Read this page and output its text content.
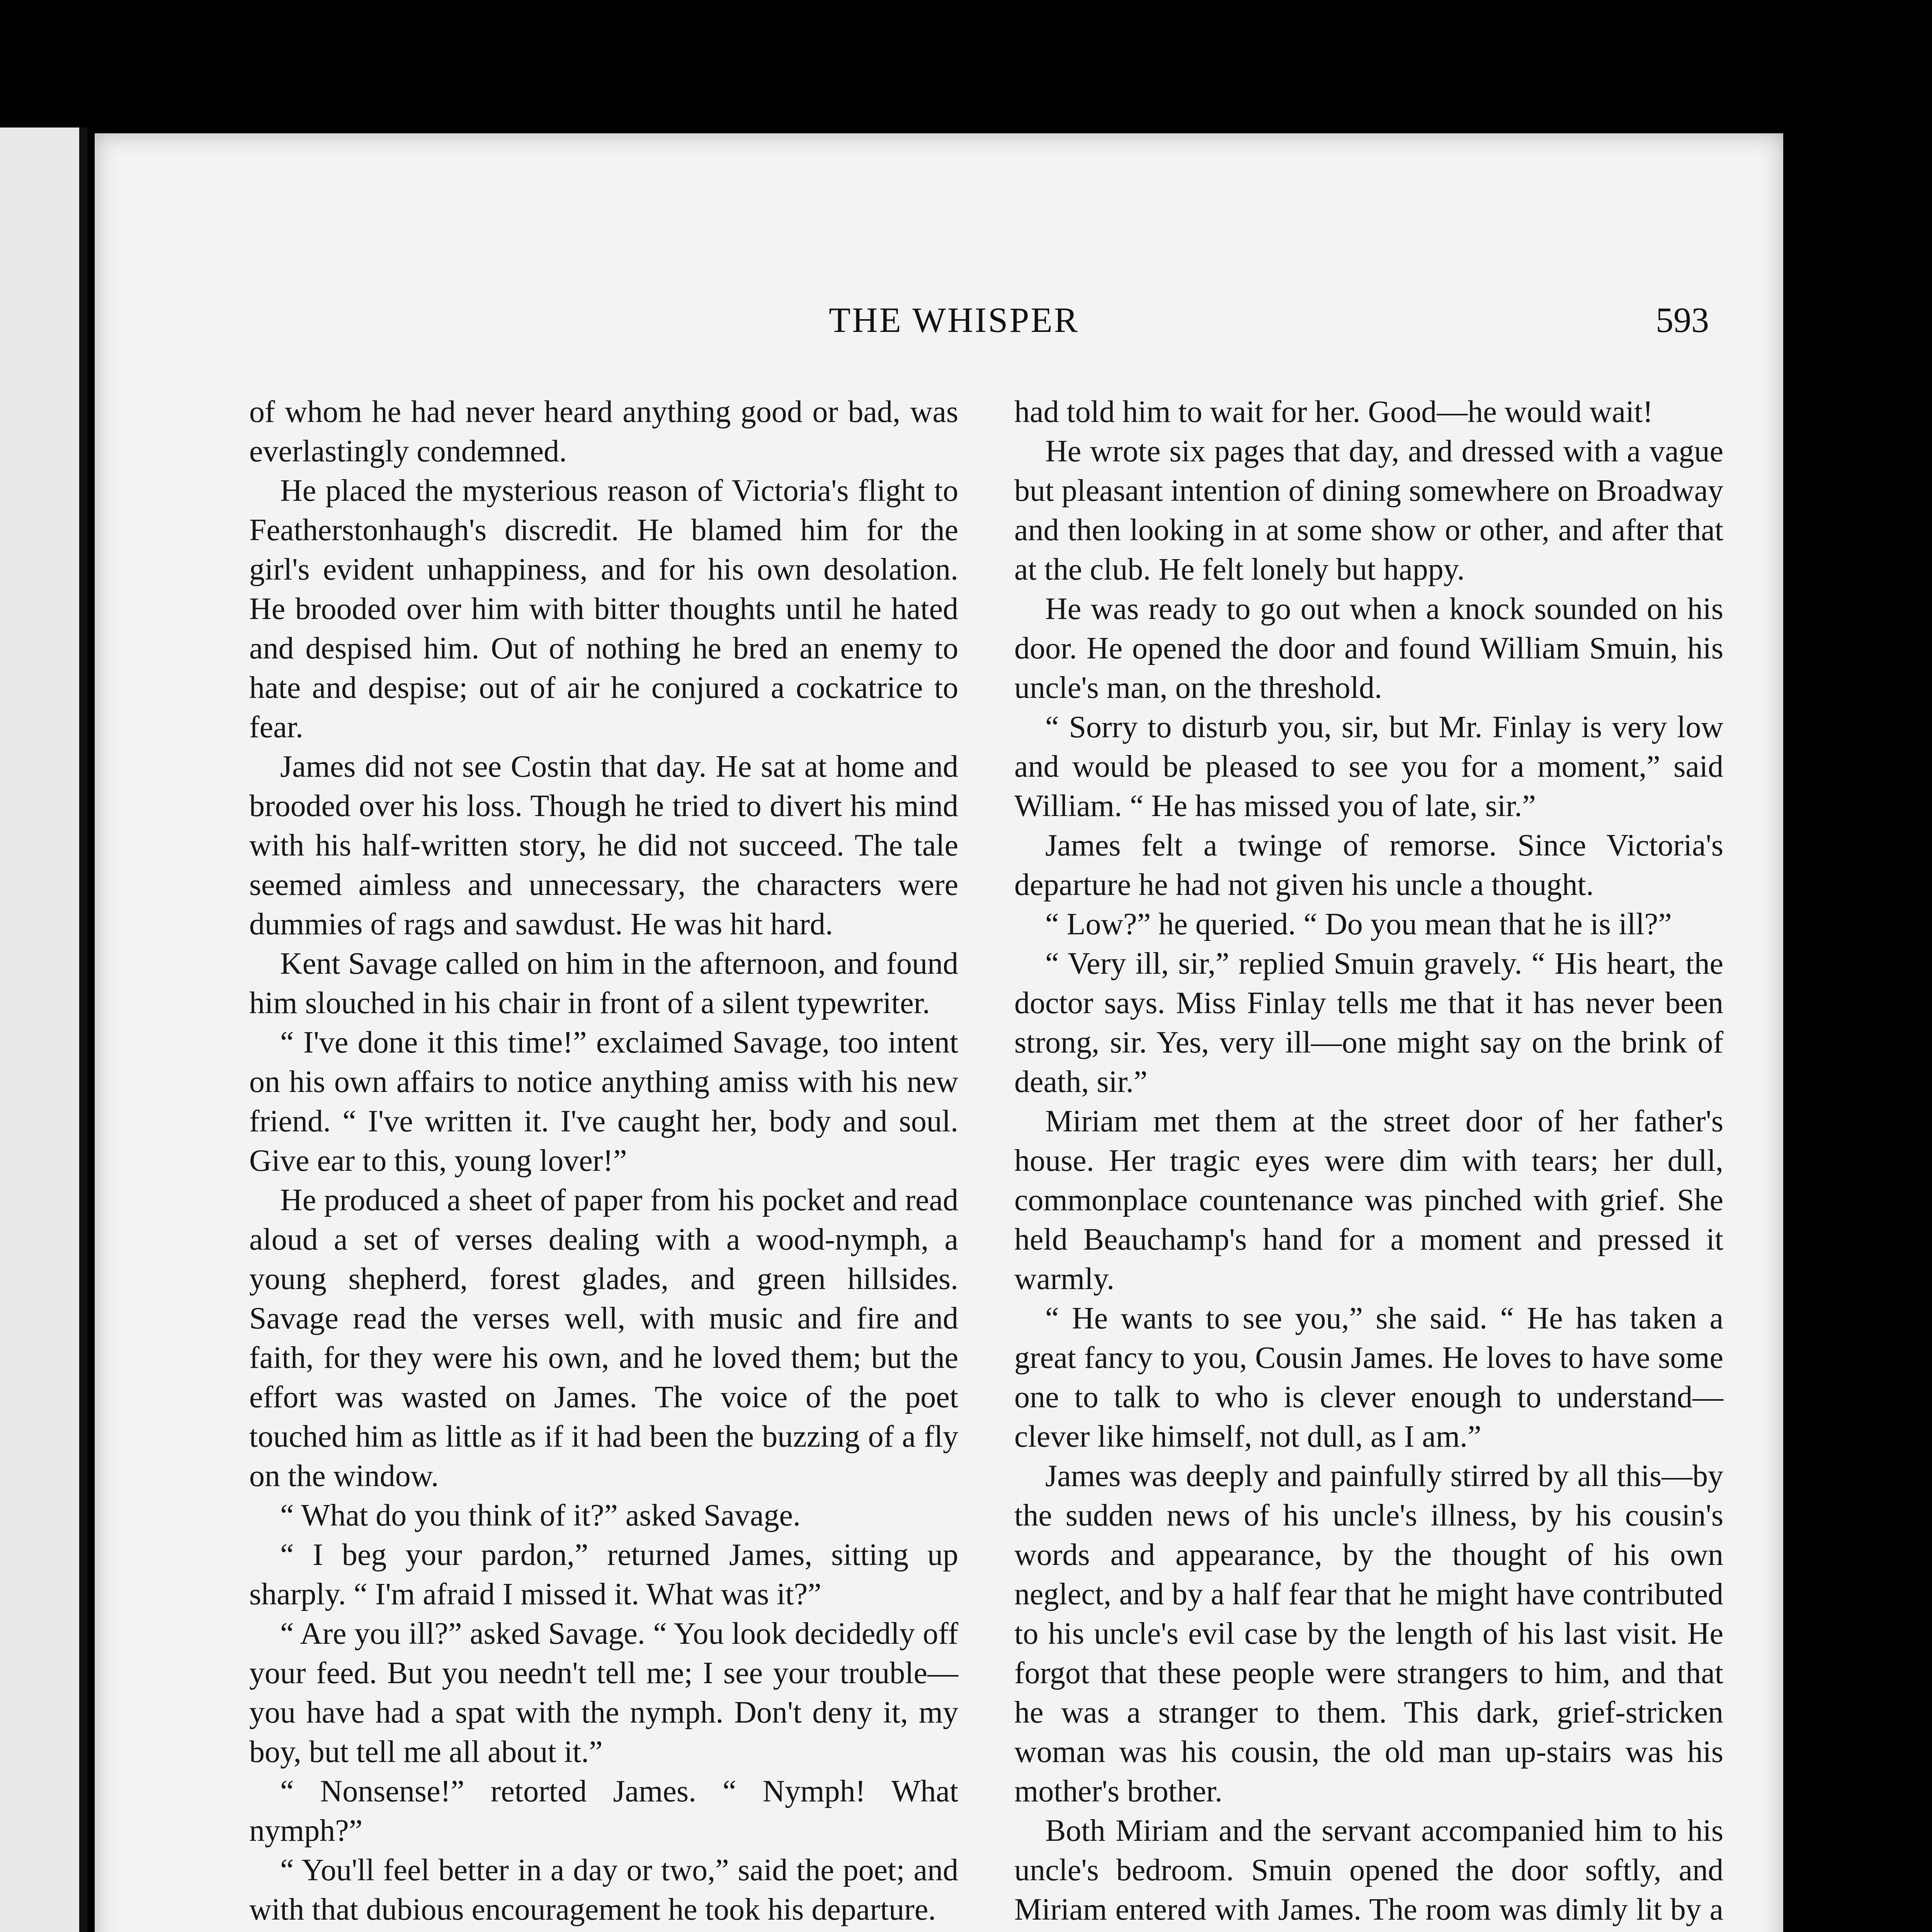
THE WHISPER	593

of whom he had never heard anything good or bad, was everlastingly condemned.

He placed the mysterious reason of Victoria's flight to Featherstonhaugh's discredit. He blamed him for the girl's evident unhappiness, and for his own desolation. He brooded over him with bitter thoughts until he hated and despised him. Out of nothing he bred an enemy to hate and despise; out of air he conjured a cockatrice to fear.

James did not see Costin that day. He sat at home and brooded over his loss. Though he tried to divert his mind with his half-written story, he did not succeed. The tale seemed aimless and unnecessary, the characters were dummies of rags and sawdust. He was hit hard.

Kent Savage called on him in the afternoon, and found him slouched in his chair in front of a silent typewriter.

“ I've done it this time!” exclaimed Savage, too intent on his own affairs to notice anything amiss with his new friend. “ I've written it. I've caught her, body and soul. Give ear to this, young lover!”

He produced a sheet of paper from his pocket and read aloud a set of verses dealing with a wood-nymph, a young shepherd, forest glades, and green hillsides. Savage read the verses well, with music and fire and faith, for they were his own, and he loved them; but the effort was wasted on James. The voice of the poet touched him as little as if it had been the buzzing of a fly on the window.

“ What do you think of it?” asked Savage.

“ I beg your pardon,” returned James, sitting up sharply. “ I'm afraid I missed it. What was it?”

“ Are you ill?” asked Savage. “ You look decidedly off your feed. But you needn't tell me; I see your trouble—you have had a spat with the nymph. Don't deny it, my boy, but tell me all about it.”

“ Nonsense!” retorted James. “ Nymph! What nymph?”

“ You'll feel better in a day or two,” said the poet; and with that dubious encouragement he took his departure.

had told him to wait for her. Good—he would wait!

He wrote six pages that day, and dressed with a vague but pleasant intention of dining somewhere on Broadway and then looking in at some show or other, and after that at the club. He felt lonely but happy.

He was ready to go out when a knock sounded on his door. He opened the door and found William Smuin, his uncle's man, on the threshold.

“ Sorry to disturb you, sir, but Mr. Finlay is very low and would be pleased to see you for a moment,” said William. “ He has missed you of late, sir.”

James felt a twinge of remorse. Since Victoria's departure he had not given his uncle a thought.

“ Low?” he queried. “ Do you mean that he is ill?”

“ Very ill, sir,” replied Smuin gravely. “ His heart, the doctor says. Miss Finlay tells me that it has never been strong, sir. Yes, very ill—one might say on the brink of death, sir.”

Miriam met them at the street door of her father's house. Her tragic eyes were dim with tears; her dull, commonplace countenance was pinched with grief. She held Beauchamp's hand for a moment and pressed it warmly.

“ He wants to see you,” she said. “ He has taken a great fancy to you, Cousin James. He loves to have some one to talk to who is clever enough to understand—clever like himself, not dull, as I am.”

James was deeply and painfully stirred by all this—by the sudden news of his uncle's illness, by his cousin's words and appearance, by the thought of his own neglect, and by a half fear that he might have contributed to his uncle's evil case by the length of his last visit. He forgot that these people were strangers to him, and that he was a stranger to them. This dark, grief-stricken woman was his cousin, the old man up-stairs was his mother's brother.

Both Miriam and the servant accompanied him to his uncle's bedroom. Smuin opened the door softly, and Miriam entered with James. The room was dimly lit by a
